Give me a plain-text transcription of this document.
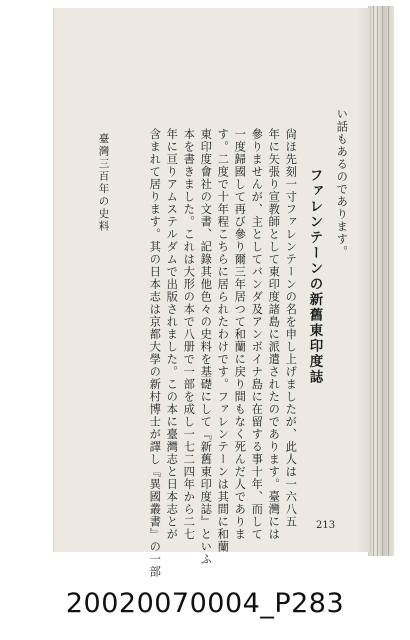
い話もあるのであります。
ファレンテーンの新舊東印度誌
尙ほ先刻一寸ファレンテーンの名を申し上げましたが、此人は一六八五
年に矢張り宣教師として東印度諸島に派遣されたのであります。臺灣には
參りませんが、主としてバンダ及アンボイナ島に在留する事十年、而して
一度歸國して再び參り爾三年居つて和蘭に戻り間もなく死んだ人でありま
す。二度で十年程こちらに居られたわけです。ファレンテーンは其間に和蘭
東印度會社の文書、記錄其他色々の史料を基礎にして『新舊東印度誌』といふ
本を書きました。これは大形の本で八册で一部を成し一七二四年から二七
年に亘りアムステルダムで出版されました。この本に臺灣志と日本志とが
含まれて居ります。其の日本志は京都大學の新村博士が譯し『異國叢書』の一部
臺灣三百年の史料
213
20020070004_P283
